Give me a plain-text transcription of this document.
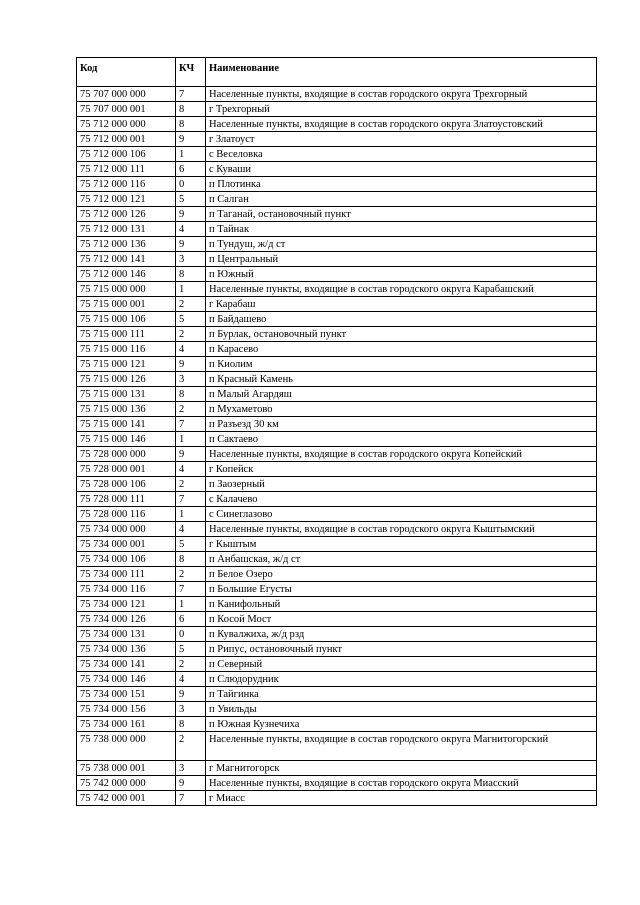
Код	КЧ	Наименование
75 707 000 000	7	Населенные пункты, входящие в состав городского округа Трехгорный
75 707 000 001	8	г Трехгорный
75 712 000 000	8	Населенные пункты, входящие в состав городского округа Златоустовский
75 712 000 001	9	г Златоуст
75 712 000 106	1	с Веселовка
75 712 000 111	6	с Куваши
75 712 000 116	0	п Плотинка
75 712 000 121	5	п Салган
75 712 000 126	9	п Таганай, остановочный пункт
75 712 000 131	4	п Тайнак
75 712 000 136	9	п Тундуш, ж/д ст
75 712 000 141	3	п Центральный
75 712 000 146	8	п Южный
75 715 000 000	1	Населенные пункты, входящие в состав городского округа Карабашский
75 715 000 001	2	г Карабаш
75 715 000 106	5	п Байдашево
75 715 000 111	2	п Бурлак, остановочный пункт
75 715 000 116	4	п Карасево
75 715 000 121	9	п Киолим
75 715 000 126	3	п Красный Камень
75 715 000 131	8	п Малый Агардяш
75 715 000 136	2	п Мухаметово
75 715 000 141	7	п Разъезд 30 км
75 715 000 146	1	п Сактаево
75 728 000 000	9	Населенные пункты, входящие в состав городского округа Копейский
75 728 000 001	4	г Копейск
75 728 000 106	2	п Заозерный
75 728 000 111	7	с Калачево
75 728 000 116	1	с Синеглазово
75 734 000 000	4	Населенные пункты, входящие в состав городского округа Кыштымский
75 734 000 001	5	г Кыштым
75 734 000 106	8	п Анбашская, ж/д ст
75 734 000 111	2	п Белое Озеро
75 734 000 116	7	п Большие Егусты
75 734 000 121	1	п Канифольный
75 734 000 126	6	п Косой Мост
75 734 000 131	0	п Кувалжиха, ж/д рзд
75 734 000 136	5	п Рипус, остановочный пункт
75 734 000 141	2	п Северный
75 734 000 146	4	п Слюдорудник
75 734 000 151	9	п Тайгинка
75 734 000 156	3	п Увильды
75 734 000 161	8	п Южная Кузнечиха
75 738 000 000	2	Населенные пункты, входящие в состав городского округа Магнитогорский
75 738 000 001	3	г Магнитогорск
75 742 000 000	9	Населенные пункты, входящие в состав городского округа Миасский
75 742 000 001	7	г Миасс
